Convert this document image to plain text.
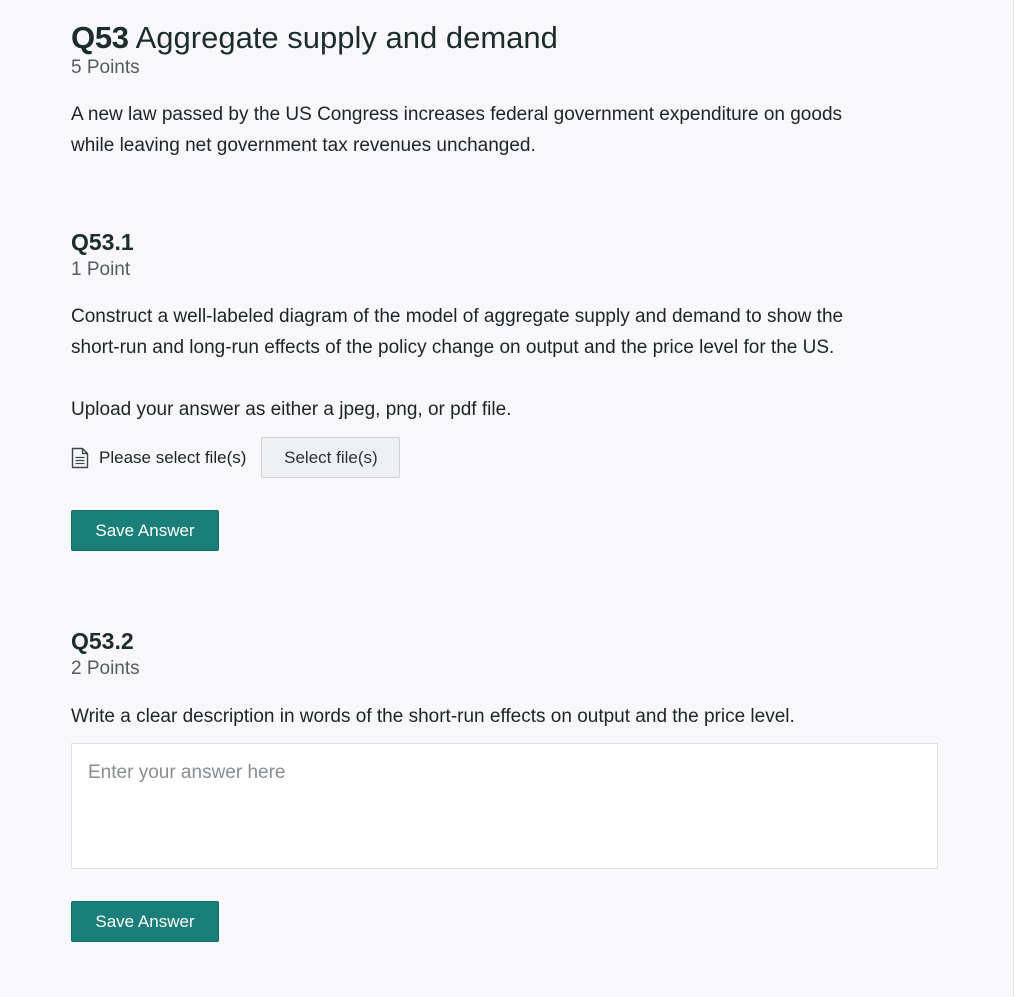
Q53 Aggregate supply and demand
5 Points
A new law passed by the US Congress increases federal government expenditure on goods
while leaving net government tax revenues unchanged.
Q53.1
1 Point
Construct a well-labeled diagram of the model of aggregate supply and demand to show the
short-run and long-run effects of the policy change on output and the price level for the US.
Upload your answer as either a jpeg, png, or pdf file.
Please select file(s)	Select file(s)
Save Answer
Q53.2
2 Points
Write a clear description in words of the short-run effects on output and the price level.
Enter your answer here
Save Answer
